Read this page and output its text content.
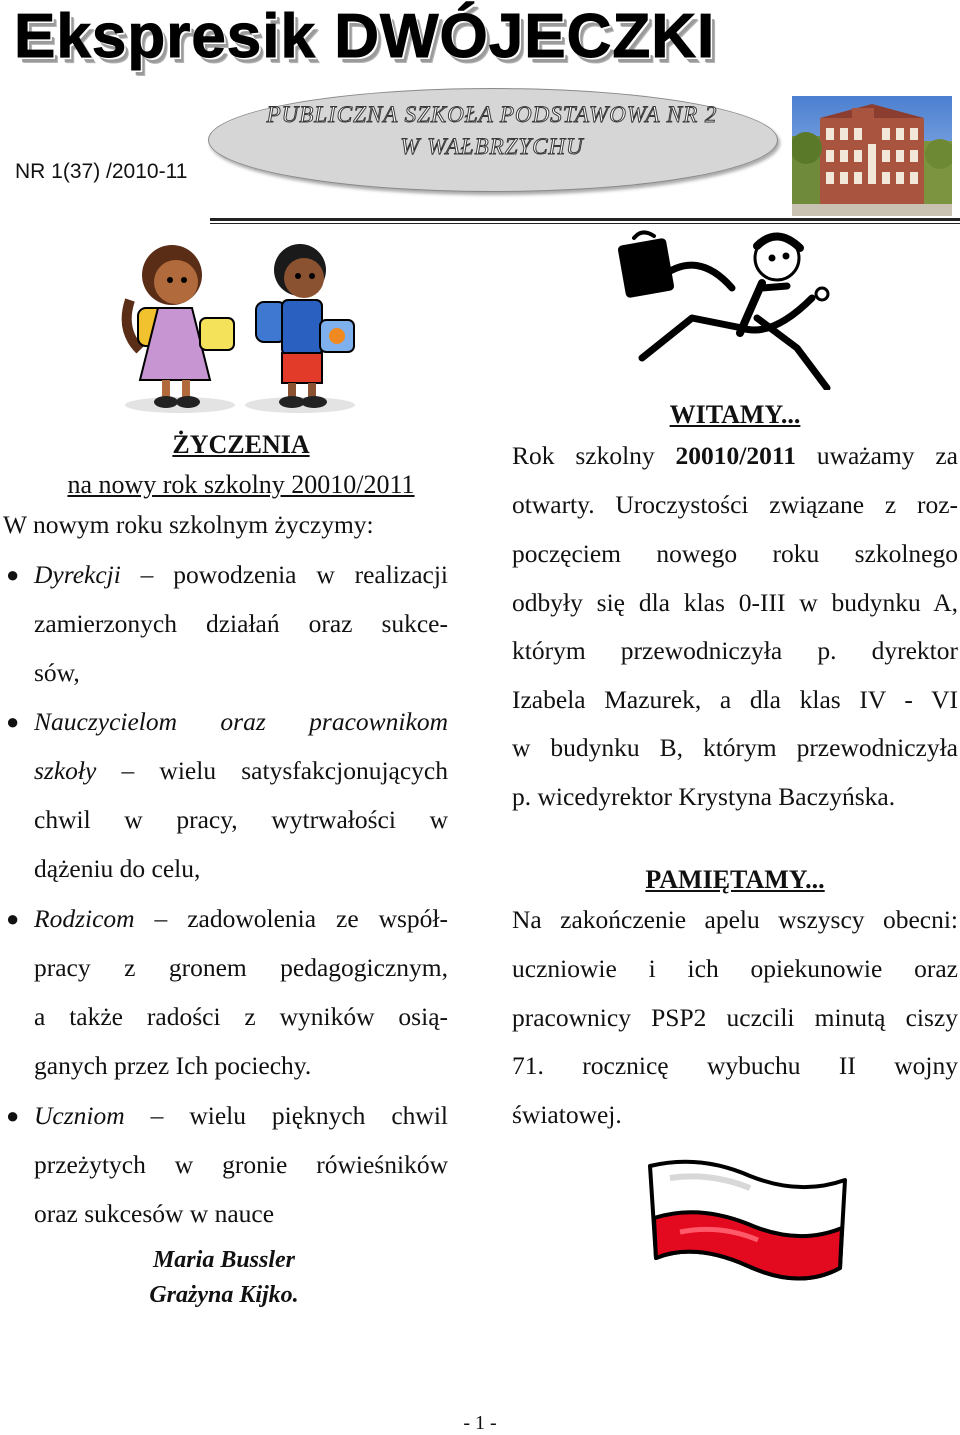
Ekspresik DWÓJECZKI
PUBLICZNA SZKOŁA PODSTAWOWA NR 2
W WAŁBRZYCHU
NR 1(37) /2010-11
ŻYCZENIA
na nowy rok szkolny 20010/2011
W nowym roku szkolnym życzymy:
● Dyrekcji – powodzenia w realizacji
zamierzonych działań oraz sukce-
sów,
● Nauczycielom oraz pracownikom
szkoły – wielu satysfakcjonujących
chwil w pracy, wytrwałości w
dążeniu do celu,
● Rodzicom – zadowolenia ze współ-
pracy z gronem pedagogicznym,
a także radości z wyników osią-
ganych przez Ich pociechy.
● Uczniom – wielu pięknych chwil
przeżytych w gronie rówieśników
oraz sukcesów w nauce
Maria Bussler
Grażyna Kijko.
WITAMY...
Rok szkolny 20010/2011 uważamy za
otwarty. Uroczystości związane z roz-
poczęciem nowego roku szkolnego
odbyły się dla klas 0-III w budynku A,
którym przewodniczyła p. dyrektor
Izabela Mazurek, a dla klas IV - VI
w budynku B, którym przewodniczyła
p. wicedyrektor Krystyna Baczyńska.
PAMIĘTAMY...
Na zakończenie apelu wszyscy obecni:
uczniowie i ich opiekunowie oraz
pracownicy PSP2 uczcili minutą ciszy
71. rocznicę wybuchu II wojny
światowej.
- 1 -
